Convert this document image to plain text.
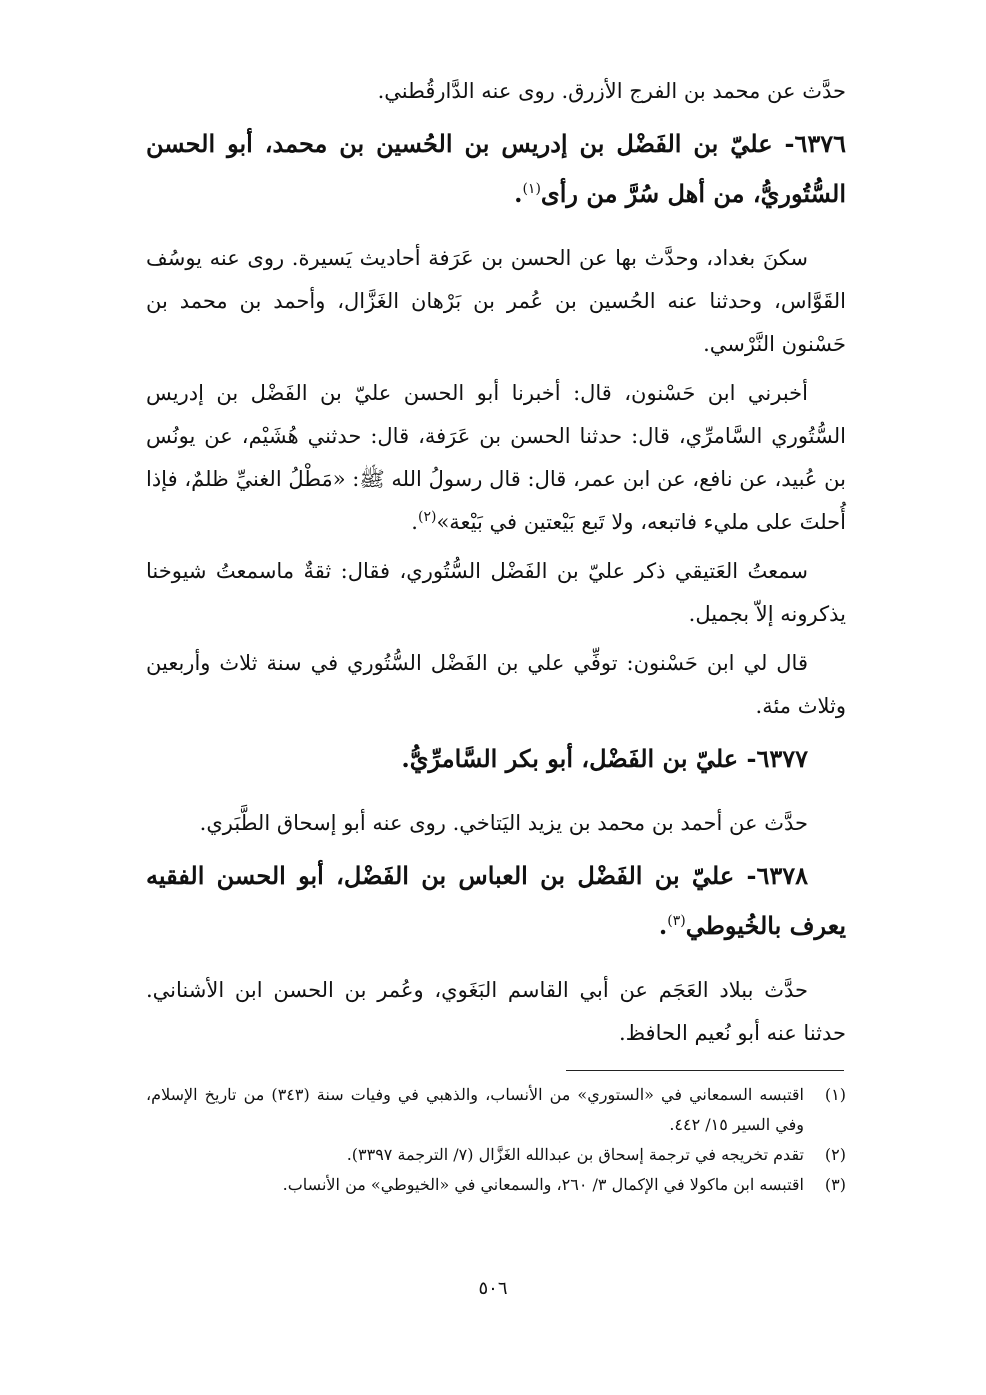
حدَّث عن محمد بن الفرج الأزرق. روى عنه الدَّارقُطني.

٦٣٧٦- عليّ بن الفَضْل بن إدريس بن الحُسين بن محمد، أبو الحسن السُّتُوريُّ، من أهل سُرَّ من رأى$^{(١)}$.

سكنَ بغداد، وحدَّث بها عن الحسن بن عَرَفة أحاديث يَسيرة. روى عنه يوسُف القَوَّاس، وحدثنا عنه الحُسين بن عُمر بن بَرْهان الغَزَّال، وأحمد بن محمد بن حَسْنون النَّرْسي.

أخبرني ابن حَسْنون، قال: أخبرنا أبو الحسن عليّ بن الفَضْل بن إدريس السُّتُوري السَّامرِّي، قال: حدثنا الحسن بن عَرَفة، قال: حدثني هُشَيْم، عن يونُس بن عُبيد، عن نافع، عن ابن عمر، قال: قال رسولُ الله ﷺ: «مَطْلُ الغنيِّ ظلمٌ، فإذا أُحلتَ على مليء فاتبعه، ولا تَبع بَيْعتين في بَيْعة»$^{(٢)}$.

سمعتُ العَتيقي ذكر عليّ بن الفَضْل السُّتُوري، فقال: ثقةٌ ماسمعتُ شيوخنا يذكرونه إلاّ بجميل.

قال لي ابن حَسْنون: توفِّي علي بن الفَضْل السُّتُوري في سنة ثلاث وأربعين وثلاث مئة.

٦٣٧٧- عليّ بن الفَضْل، أبو بكر السَّامرِّيُّ.

حدَّث عن أحمد بن محمد بن يزيد اليَتاخي. روى عنه أبو إسحاق الطَّبَري.

٦٣٧٨- عليّ بن الفَضْل بن العباس بن الفَضْل، أبو الحسن الفقيه يعرف بالخُيوطي$^{(٣)}$.

حدَّث ببلاد العَجَم عن أبي القاسم البَغَوي، وعُمر بن الحسن ابن الأشناني. حدثنا عنه أبو نُعيم الحافظ.

(١)
اقتبسه السمعاني في «الستوري» من الأنساب، والذهبي في وفيات سنة (٣٤٣) من تاريخ الإسلام، وفي السير ١٥/ ٤٤٢.
(٢)
تقدم تخريجه في ترجمة إسحاق بن عبدالله الغَزَّال (٧/ الترجمة ٣٣٩٧).
(٣)
اقتبسه ابن ماكولا في الإكمال ٣/ ٢٦٠، والسمعاني في «الخيوطي» من الأنساب.
٥٠٦
